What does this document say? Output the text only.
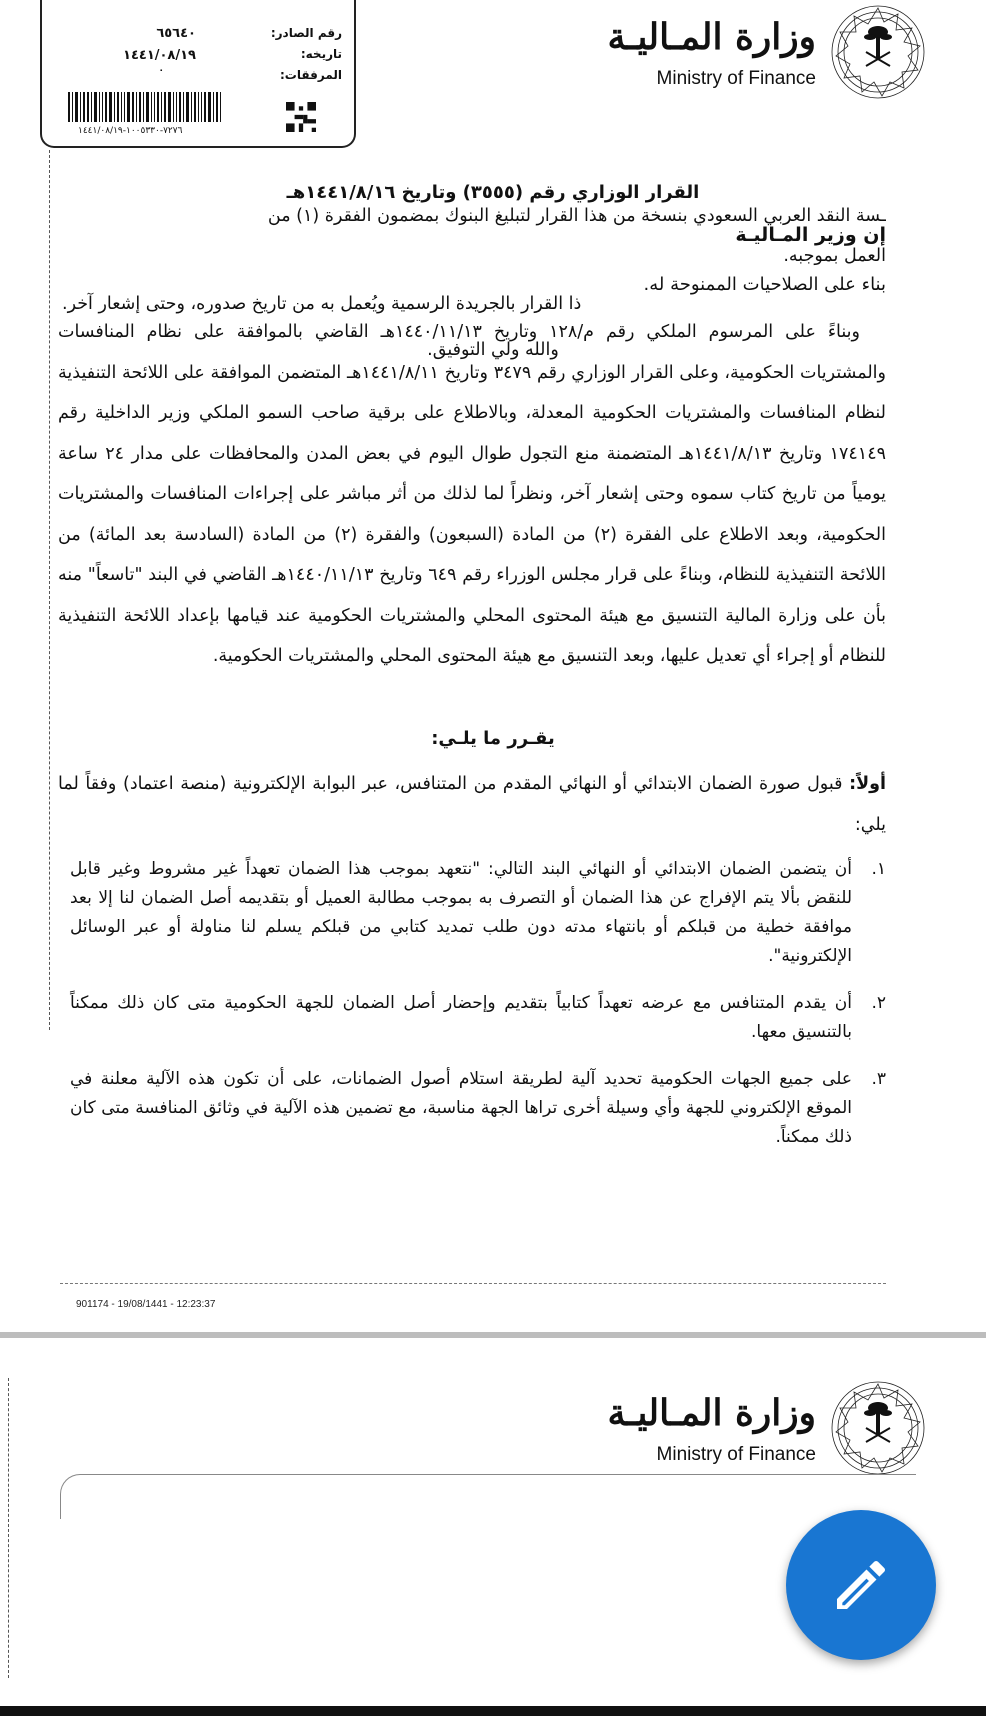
رقم الصادر:
٦٥٦٤٠
تاريخه:
١٤٤١/٠٨/١٩
المرفقات:
٠
٧٢٧٦-١٠٠٥٣٣٠-١٤٤١/٠٨/١٩
وزارة المـاليـة
Ministry of Finance
القرار الوزاري رقم (٣٥٥٥) وتاريخ ١٤٤١/٨/١٦هـ
إن وزير المـاليـة
بناء على الصلاحيات الممنوحة له.
وبناءً على المرسوم الملكي رقم م/١٢٨ وتاريخ ١٤٤٠/١١/١٣هـ القاضي بالموافقة على نظام المنافسات والمشتريات الحكومية، وعلى القرار الوزاري رقم ٣٤٧٩ وتاريخ ١٤٤١/٨/١١هـ المتضمن الموافقة على اللائحة التنفيذية لنظام المنافسات والمشتريات الحكومية المعدلة، وبالاطلاع على برقية صاحب السمو الملكي وزير الداخلية رقم ١٧٤١٤٩ وتاريخ ١٤٤١/٨/١٣هـ المتضمنة منع التجول طوال اليوم في بعض المدن والمحافظات على مدار ٢٤ ساعة يومياً من تاريخ كتاب سموه وحتى إشعار آخر، ونظراً لما لذلك من أثر مباشر على إجراءات المنافسات والمشتريات الحكومية، وبعد الاطلاع على الفقرة (٢) من المادة (السبعون) والفقرة (٢) من المادة (السادسة بعد المائة) من اللائحة التنفيذية للنظام، وبناءً على قرار مجلس الوزراء رقم ٦٤٩ وتاريخ ١٤٤٠/١١/١٣هـ القاضي في البند "تاسعاً" منه بأن على وزارة المالية التنسيق مع هيئة المحتوى المحلي والمشتريات الحكومية عند قيامها بإعداد اللائحة التنفيذية للنظام أو إجراء أي تعديل عليها، وبعد التنسيق مع هيئة المحتوى المحلي والمشتريات الحكومية.
يقـرر ما يلـي:
أولاً: قبول صورة الضمان الابتدائي أو النهائي المقدم من المتنافس، عبر البوابة الإلكترونية (منصة اعتماد) وفقاً لما يلي:
١.
أن يتضمن الضمان الابتدائي أو النهائي البند التالي: "نتعهد بموجب هذا الضمان تعهداً غير مشروط وغير قابل للنقض بألا يتم الإفراج عن هذا الضمان أو التصرف به بموجب مطالبة العميل أو بتقديمه أصل الضمان لنا إلا بعد موافقة خطية من قبلكم أو بانتهاء مدته دون طلب تمديد كتابي من قبلكم يسلم لنا مناولة أو عبر الوسائل الإلكترونية".
٢.
أن يقدم المتنافس مع عرضه تعهداً كتابياً بتقديم وإحضار أصل الضمان للجهة الحكومية متى كان ذلك ممكناً بالتنسيق معها.
٣.
على جميع الجهات الحكومية تحديد آلية لطريقة استلام أصول الضمانات، على أن تكون هذه الآلية معلنة في الموقع الإلكتروني للجهة وأي وسيلة أخرى تراها الجهة مناسبة، مع تضمين هذه الآلية في وثائق المنافسة متى كان ذلك ممكناً.
901174 - 19/08/1441 - 12:23:37
وزارة المـاليـة
Ministry of Finance
ـسة النقد العربي السعودي بنسخة من هذا القرار لتبليغ البنوك بمضمون الفقرة (١) من
العمل بموجبه.
ذا القرار بالجريدة الرسمية ويُعمل به من تاريخ صدوره، وحتى إشعار آخر.
والله ولي التوفيق.
